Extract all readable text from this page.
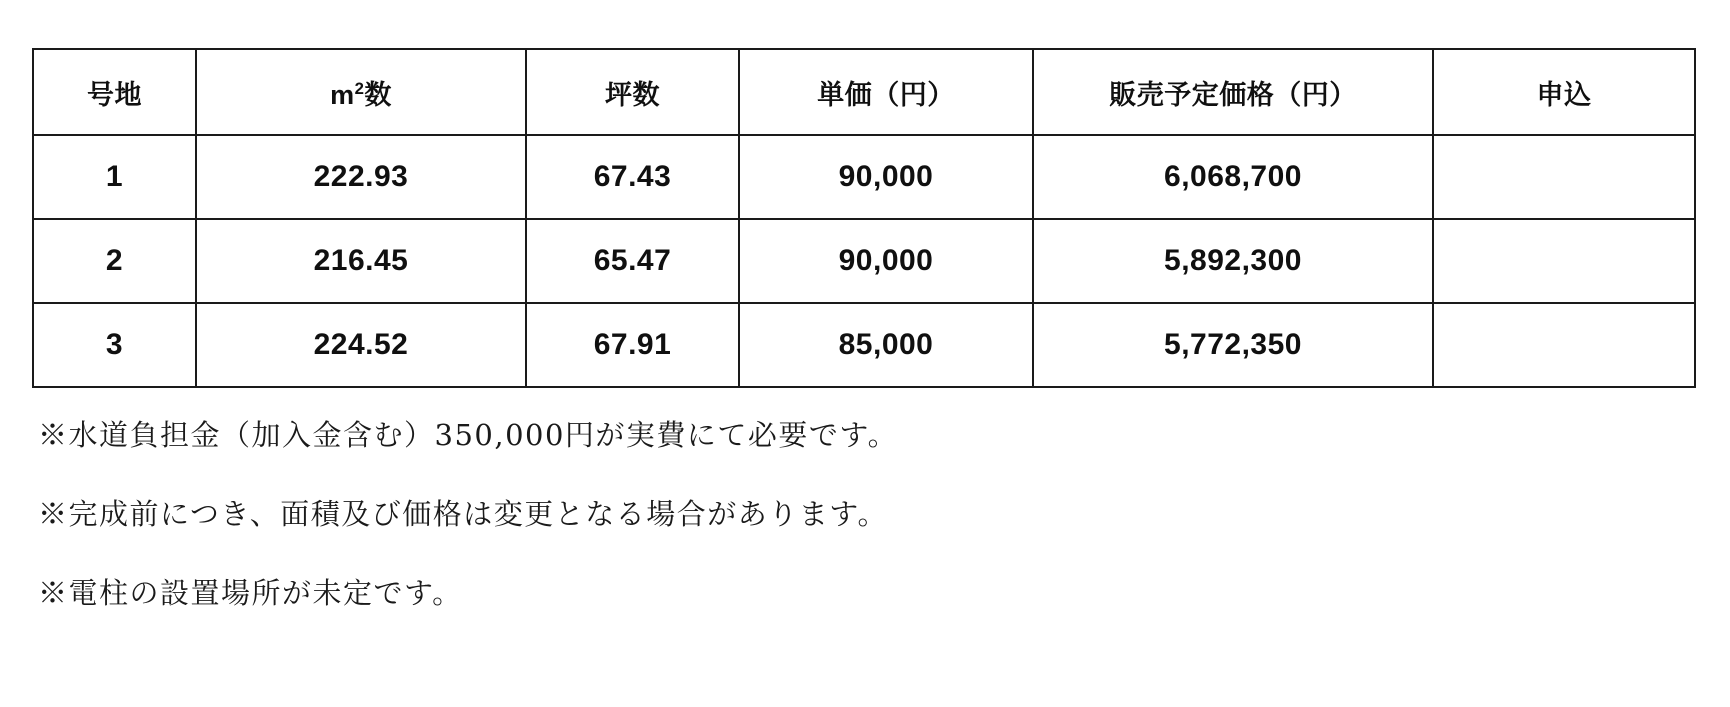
号地	$m^2$数	坪数	単価（円）	販売予定価格（円）	申込
1	222.93	67.43	90,000	6,068,700	
2	216.45	65.47	90,000	5,892,300	
3	224.52	67.91	85,000	5,772,350	
※水道負担金（加入金含む）350,000円が実費にて必要です。
※完成前につき、面積及び価格は変更となる場合があります。
※電柱の設置場所が未定です。
